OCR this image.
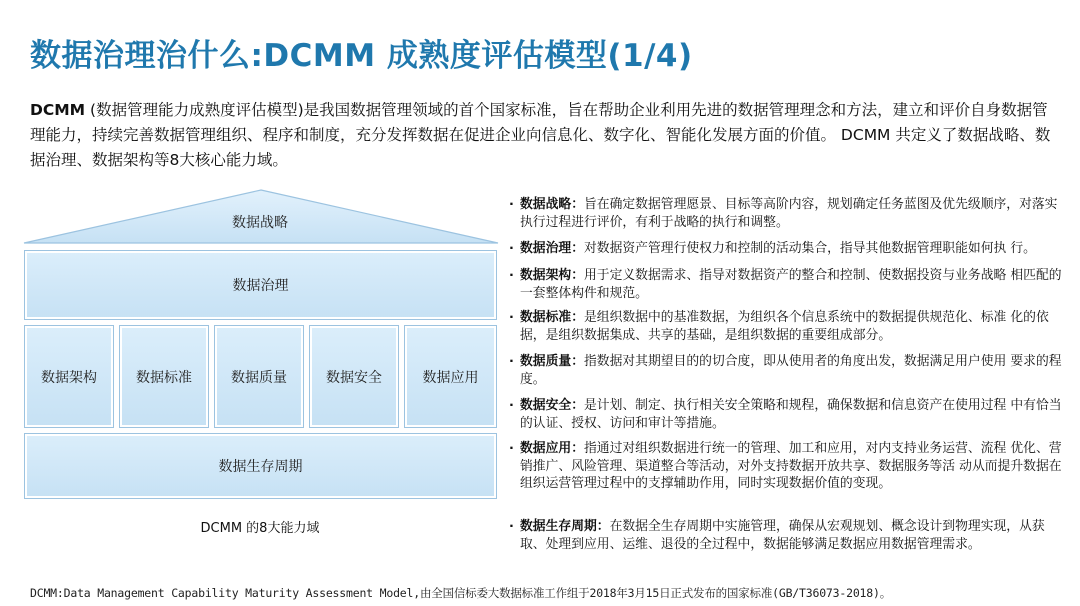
数据治理治什么:DCMM 成熟度评估模型(1/4)

DCMM (数据管理能力成熟度评估模型)是我国数据管理领域的首个国家标准，旨在帮助企业利用先进的数据管理理念和方法，建立和评价自身数据管理能力，持续完善数据管理组织、程序和制度，充分发挥数据在促进企业向信息化、数字化、智能化发展方面的价值。 DCMM 共定义了数据战略、数据治理、数据架构等8大核心能力域。

数据战略
数据治理
数据架构	数据标准	数据质量	数据安全	数据应用
数据生存周期
DCMM 的8大能力域
· 数据战略：旨在确定数据管理愿景、目标等高阶内容，规划确定任务蓝图及优先级顺序，对落实执行过程进行评价，有利于战略的执行和调整。
· 数据治理：对数据资产管理行使权力和控制的活动集合，指导其他数据管理职能如何执 行。
· 数据架构：用于定义数据需求、指导对数据资产的整合和控制、使数据投资与业务战略 相匹配的一套整体构件和规范。
· 数据标准：是组织数据中的基准数据，为组织各个信息系统中的数据提供规范化、标准 化的依据，是组织数据集成、共享的基础，是组织数据的重要组成部分。
· 数据质量：指数据对其期望目的的切合度，即从使用者的角度出发，数据满足用户使用 要求的程度。
· 数据安全：是计划、制定、执行相关安全策略和规程，确保数据和信息资产在使用过程 中有恰当的认证、授权、访问和审计等措施。
· 数据应用：指通过对组织数据进行统一的管理、加工和应用，对内支持业务运营、流程 优化、营销推广、风险管理、渠道整合等活动，对外支持数据开放共享、数据服务等活 动从而提升数据在组织运营管理过程中的支撑辅助作用，同时实现数据价值的变现。
· 数据生存周期：在数据全生存周期中实施管理，确保从宏观规划、概念设计到物理实现，从获取、处理到应用、运维、退役的全过程中，数据能够满足数据应用数据管理需求。
DCMM:Data Management Capability Maturity Assessment Model,由全国信标委大数据标准工作组于2018年3月15日正式发布的国家标准(GB/T36073-2018)。
